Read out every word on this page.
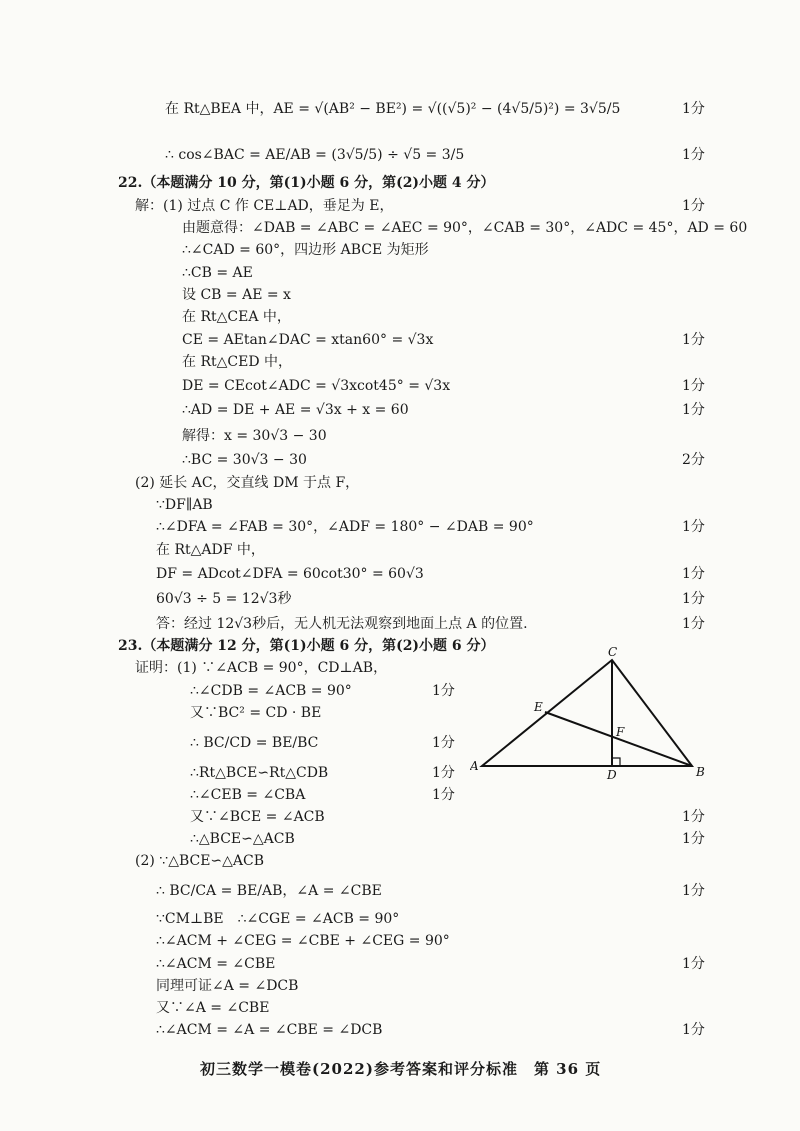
在 Rt△BEA 中，AE = √(AB² − BE²) = √((√5)² − (4√5/5)²) = 3√5/5	1分
∴ cos∠BAC = AE/AB = (3√5/5) ÷ √5 = 3/5	1分
22.（本题满分 10 分，第(1)小题 6 分，第(2)小题 4 分）
解：(1) 过点 C 作 CE⊥AD，垂足为 E，	1分
由题意得：∠DAB = ∠ABC = ∠AEC = 90°，∠CAB = 30°，∠ADC = 45°，AD = 60
∴∠CAD = 60°，四边形 ABCE 为矩形
∴CB = AE
设 CB = AE = x
在 Rt△CEA 中，
CE = AEtan∠DAC = xtan60° = √3x	1分
在 Rt△CED 中，
DE = CEcot∠ADC = √3xcot45° = √3x	1分
∴AD = DE + AE = √3x + x = 60	1分
解得：x = 30√3 − 30
∴BC = 30√3 − 30	2分
(2) 延长 AC，交直线 DM 于点 F，
∵DF∥AB
∴∠DFA = ∠FAB = 30°，∠ADF = 180° − ∠DAB = 90°	1分
在 Rt△ADF 中，
DF = ADcot∠DFA = 60cot30° = 60√3	1分
60√3 ÷ 5 = 12√3秒	1分
答：经过 12√3秒后，无人机无法观察到地面上点 A 的位置.	1分
23.（本题满分 12 分，第(1)小题 6 分，第(2)小题 6 分）
证明：(1) ∵∠ACB = 90°，CD⊥AB，
∴∠CDB = ∠ACB = 90°	1分
又∵BC² = CD · BE
∴ BC/CD = BE/BC	1分
∴Rt△BCE∽Rt△CDB	1分
∴∠CEB = ∠CBA	1分
又∵∠BCE = ∠ACB	1分
∴△BCE∽△ACB	1分
(2) ∵△BCE∽△ACB
∴ BC/CA = BE/AB，∠A = ∠CBE	1分
∵CM⊥BE　∴∠CGE = ∠ACB = 90°
∴∠ACM + ∠CEG = ∠CBE + ∠CEG = 90°
∴∠ACM = ∠CBE	1分
同理可证∠A = ∠DCB
又∵∠A = ∠CBE
∴∠ACM = ∠A = ∠CBE = ∠DCB	1分
C
E
F
A	B
D
初三数学一模卷(2022)参考答案和评分标准　第 36 页
